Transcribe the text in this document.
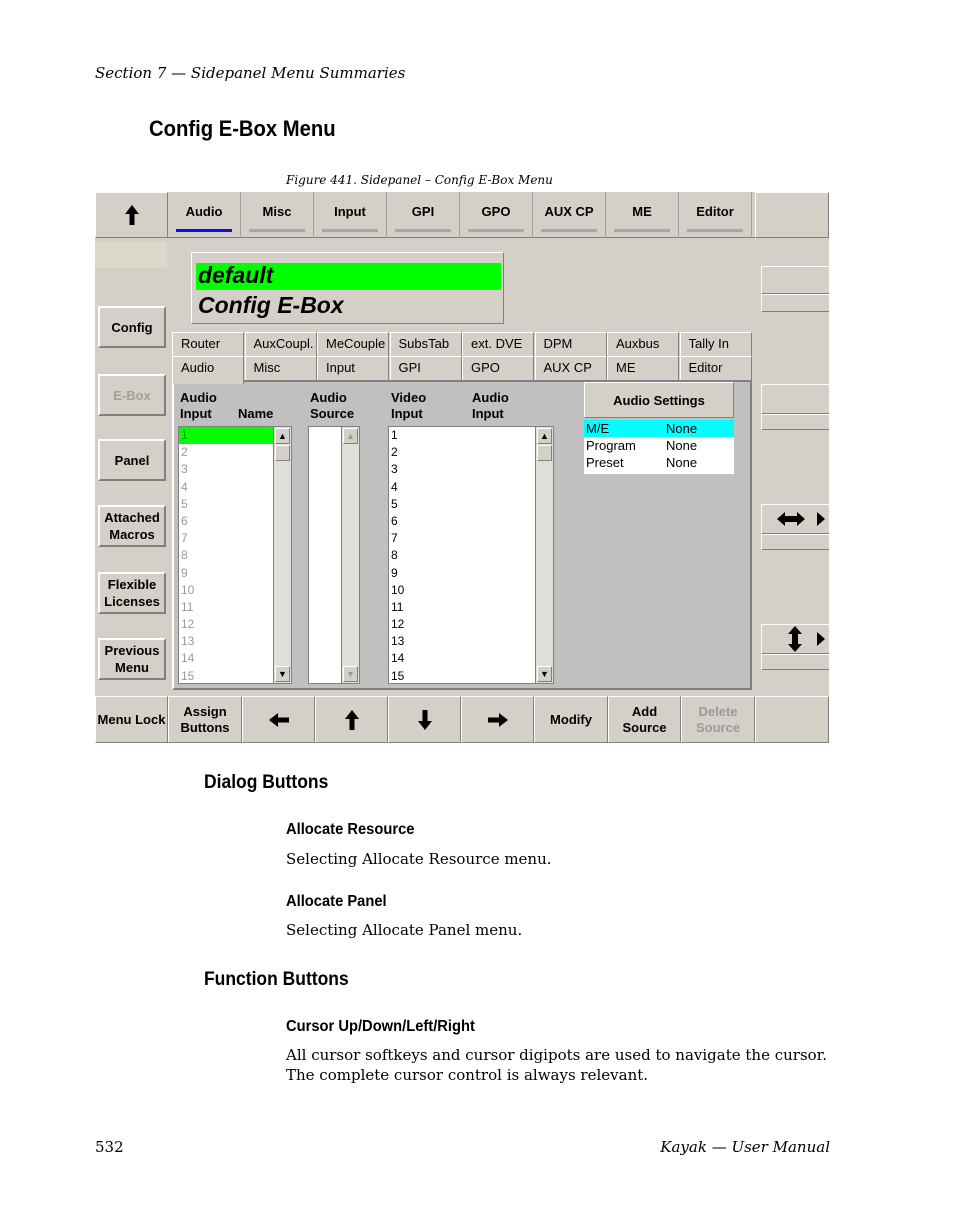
Section 7 — Sidepanel Menu Summaries
Config E-Box Menu
Figure 441. Sidepanel – Config E-Box Menu
Audio	Misc	Input	GPI	GPO	AUX CP	ME	Editor
default
Config E-Box
Config
E-Box
Panel
Attached Macros
Flexible Licenses
Previous Menu
Router	AuxCoupl. MeCouple	SubsTab	ext. DVE	DPM	Auxbus	Tally In
Audio	Misc	Input	GPI	GPO	AUX CP	ME	Editor
Audio Input	Name
Audio Source
Video Input
Audio Input
1
2
3
4
5
6
7
8
9
10
11
12
13
14
15
▲
▼
▲
▼
1
2
3
4
5
6
7
8
9
10
11
12
13
14
15
▲
▼
Audio Settings
M/E	None
Program None
Preset	None
Menu Lock
Assign Buttons
Modify
Add Source
Delete Source
Dialog Buttons
Allocate Resource
Selecting Allocate Resource menu.
Allocate Panel
Selecting Allocate Panel menu.
Function Buttons
Cursor Up/Down/Left/Right
All cursor softkeys and cursor digipots are used to navigate the cursor. The complete cursor control is always relevant.
532	Kayak — User Manual
